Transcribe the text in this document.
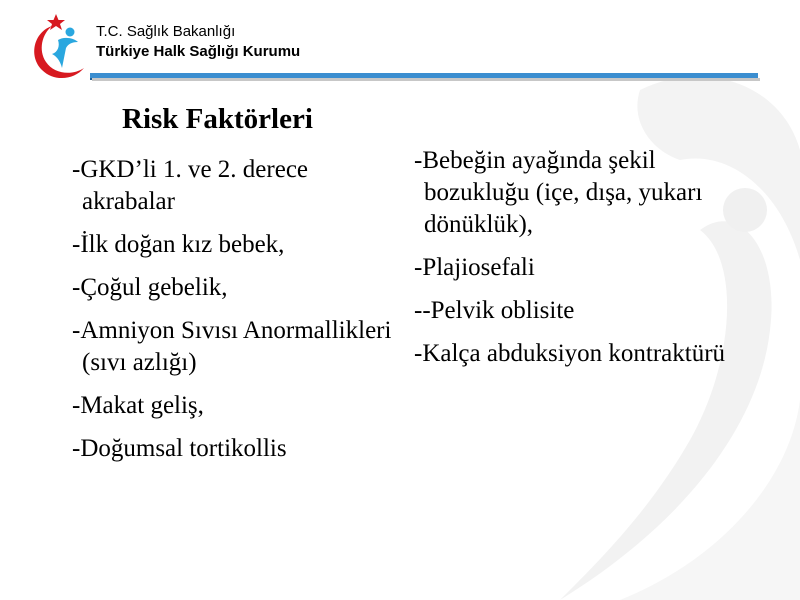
T.C. Sağlık Bakanlığı
Türkiye Halk Sağlığı Kurumu
Risk Faktörleri
-GKD’li 1. ve 2. derece akrabalar
-İlk doğan kız bebek,
-Çoğul gebelik,
-Amniyon Sıvısı Anormallikleri (sıvı azlığı)
-Makat geliş,
-Doğumsal tortikollis
-Bebeğin ayağında şekil bozukluğu (içe, dışa, yukarı dönüklük),
-Plajiosefali
--Pelvik oblisite
-Kalça abduksiyon kontraktürü
